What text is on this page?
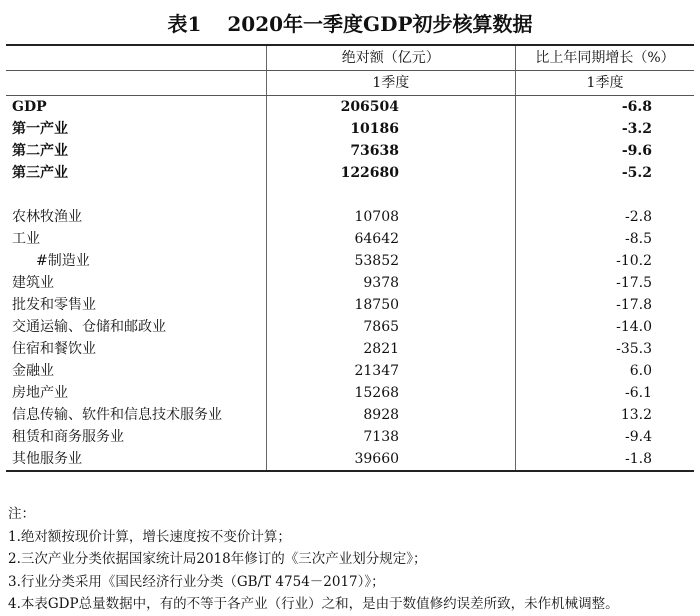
表1 2020年一季度GDP初步核算数据
	绝对额（亿元）	比上年同期增长（%）
	1季度	1季度
GDP	206504	-6.8
第一产业	10186	-3.2
第二产业	73638	-9.6
第三产业	122680	-5.2

农林牧渔业	10708	-2.8
工业	64642	-8.5
#制造业	53852	-10.2
建筑业	9378	-17.5
批发和零售业	18750	-17.8
交通运输、仓储和邮政业	7865	-14.0
住宿和餐饮业	2821	-35.3
金融业	21347	6.0
房地产业	15268	-6.1
信息传输、软件和信息技术服务业	8928	13.2
租赁和商务服务业	7138	-9.4
其他服务业	39660	-1.8
注：
1.绝对额按现价计算，增长速度按不变价计算；
2.三次产业分类依据国家统计局2018年修订的《三次产业划分规定》；
3.行业分类采用《国民经济行业分类（GB/T 4754－2017）》；
4.本表GDP总量数据中，有的不等于各产业（行业）之和，是由于数值修约误差所致，未作机械调整。
